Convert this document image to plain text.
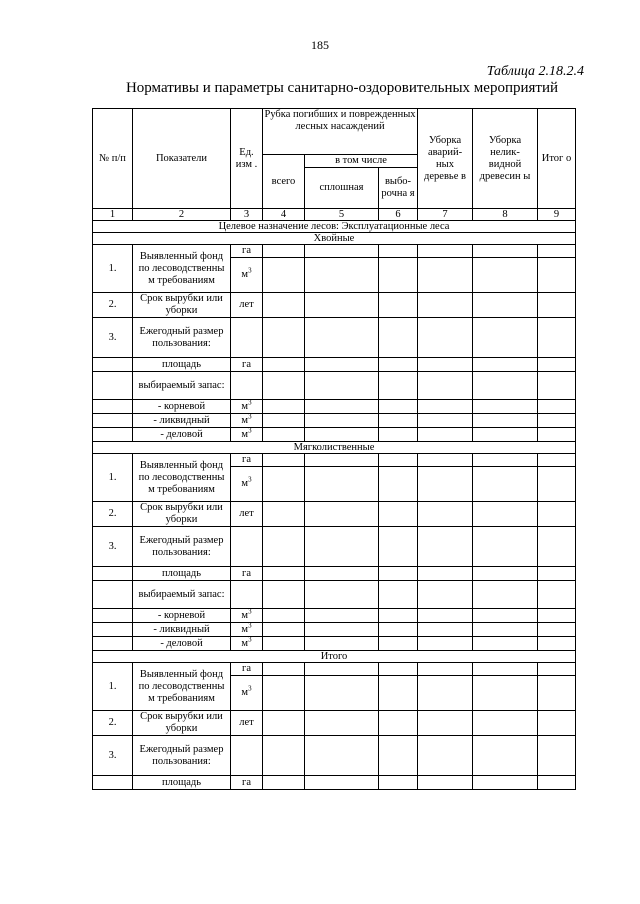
185
Таблица 2.18.2.4
Нормативы и параметры санитарно-оздоровительных мероприятий
№ п/п	Показатели	Ед. изм .	Рубка погибших и поврежденных лесных насаждений			Уборка аварий-ных деревье в	Уборка нелик-видной древесин ы	Итог о
			всего	в том числе				
				сплошная	выбо-рочна я			
1	2	3	4	5	6	7	8	9
Целевое назначение лесов: Эксплуатационные леса								
Хвойные								
1.	Выявленный фонд по лесоводственны м требованиям	га						
		$м^3$						
2.	Срок вырубки или уборки	лет						
3.	Ежегодный размер пользования:							
	площадь	га						
	выбираемый запас:							
	- корневой	$м^3$						
	- ликвидный	$м^3$						
	- деловой	$м^3$						
Мягколиственные								
1.	Выявленный фонд по лесоводственны м требованиям	га						
		$м^3$						
2.	Срок вырубки или уборки	лет						
3.	Ежегодный размер пользования:							
	площадь	га						
	выбираемый запас:							
	- корневой	$м^3$						
	- ликвидный	$м^3$						
	- деловой	$м^3$						
Итого								
1.	Выявленный фонд по лесоводственны м требованиям	га						
		$м^3$						
2.	Срок вырубки или уборки	лет						
3.	Ежегодный размер пользования:							
	площадь	га						
